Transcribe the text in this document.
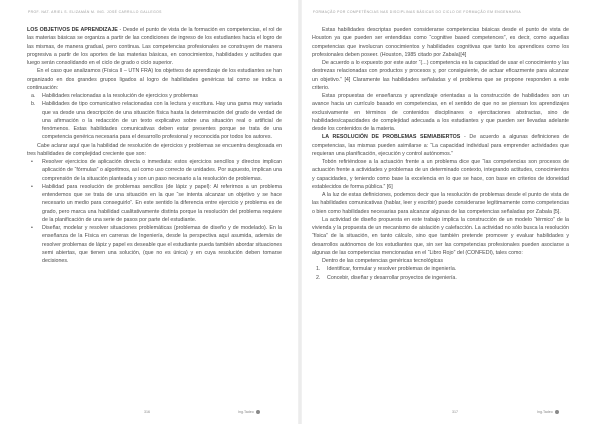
PROF. NAT. ARIEL S. ELIZAMÁN M. ING. JOSÉ CARRILLO GALLEGOS

LOS OBJETIVOS DE APRENDIZAJE - Desde el punto de vista de la formación en competencias, el rol de las materias básicas se organiza a partir de las condiciones de ingreso de los estudiantes hacia el logro de las mismas, de manera gradual, pero continua. Las competencias profesionales se construyen de manera progresiva a partir de los aportes de las materias básicas, en conocimientos, habilidades y actitudes que luego serán consolidando en el ciclo de grado o ciclo superior.

En el caso que analizamos (Física II – UTN FRA) los objetivos de aprendizaje de los estudiantes se han organizado en dos grandes grupos ligados al logro de habilidades genéricas tal como se indica a continuación:

a. Habilidades relacionadas a la resolución de ejercicios y problemas
b. Habilidades de tipo comunicativo relacionadas con la lectura y escritura. Hay una gama muy variada que va desde una descripción de una situación física hasta la determinación del grado de verdad de una afirmación o la redacción de un texto explicativo sobre una situación real o artificial de fenómenos. Estas habilidades comunicativas deben estar presentes porque se trata de una competencia genérica necesaria para el desarrollo profesional y reconocida por todos los autores.

Cabe aclarar aquí que la habilidad de resolución de ejercicios y problemas se encuentra desglosada en tres habilidades de complejidad creciente que son:

• Resolver ejercicios de aplicación directa o inmediata: estos ejercicios sencillos y directos implican aplicación de “fórmulas” o algoritmos, así como uso correcto de unidades. Por supuesto, implican una comprensión de la situación planteada y son un paso necesario a la resolución de problemas.
• Habilidad para resolución de problemas sencillos (de lápiz y papel): Al referirnos a un problema entendemos que se trata de una situación en la que “se intenta alcanzar un objetivo y se hace necesario un medio para conseguirlo”. En este sentido la diferencia entre ejercicio y problema es de grado, pero marca una habilidad cualitativamente distinta porque la resolución del problema requiere de la planificación de una serie de pasos por parte del estudiante.
• Diseñar, modelar y resolver situaciones problemáticas (problemas de diseño y de modelado). En la enseñanza de la Física en carreras de Ingeniería, desde la perspectiva aquí asumida, además de resolver problemas de lápiz y papel es deseable que el estudiante pueda también abordar situaciones semi abiertas, que tienen una solución, (que no es única) y en cuya resolución deben tomarse decisiones.
316	Ing.Tadeo
FORMAÇÃO POR COMPETÊNCIAS NAS DISCIPLINAS BÁSICAS DO CICLO DE FORMAÇÃO EM ENGENHARIA

Estas habilidades descriptas pueden considerarse competencias básicas desde el punto de vista de Houston ya que pueden ser entendidas como “cognitive based competences”, es decir, como aquellas competencias que involucran conocimientos y habilidades cognitivas que tanto los aprendices como los profesionales deben poseer. (Houston, 1985 citado por Zabala)[4]

De acuerdo a lo expuesto por este autor “(...) competencia es la capacidad de usar el conocimiento y las destrezas relacionadas con productos y procesos y, por consiguiente, de actuar eficazmente para alcanzar un objetivo.” [4] Claramente las habilidades señaladas y el problema que se propone responden a este criterio.

Estas propuestas de enseñanza y aprendizaje orientadas a la construcción de habilidades son un avance hacia un currículo basado en competencias, en el sentido de que no se piensan los aprendizajes exclusivamente en términos de contenidos disciplinares o ejercitaciones abstractas, sino de habilidades/capacidades de complejidad adecuada a los estudiantes y que pueden ser llevadas adelante desde los contenidos de la materia.

LA RESOLUCIÓN DE PROBLEMAS SEMIABIERTOS - De acuerdo a algunas definiciones de competencias, las mismas pueden asimilarse a: “La capacidad individual para emprender actividades que requieran una planificación, ejecución y control autónomos.”

Tobón refiriéndose a la actuación frente a un problema dice que “las competencias son procesos de actuación frente a actividades y problemas de un determinado contexto, integrando actitudes, conocimientos y capacidades, y teniendo como base la excelencia en lo que se hace, con base en criterios de idoneidad establecidos de forma pública.” [6]

A la luz de estas definiciones, podemos decir que la resolución de problemas desde el punto de vista de las habilidades comunicativas (hablar, leer y escribir) puede considerarse legítimamente como competencias o bien como habilidades necesarias para alcanzar algunas de las competencias señaladas por Zabala [5].

La actividad de diseño propuesta en este trabajo implica la construcción de un modelo “térmico” de la vivienda y la propuesta de un mecanismo de aislación y calefacción. La actividad no sólo busca la resolución “física” de la situación, en tanto cálculo, sino que también pretende promover y evaluar habilidades y desarrollos autónomos de los estudiantes que, sin ser las competencias profesionales pueden asociarse a algunas de las competencias mencionadas en el “Libro Rojo” del (CONFEDI), tales como:

Dentro de las competencias genéricas tecnológicas

1. Identificar, formular y resolver problemas de ingeniería.
2. Concebir, diseñar y desarrollar proyectos de ingeniería.
317	Ing.Tadeo
